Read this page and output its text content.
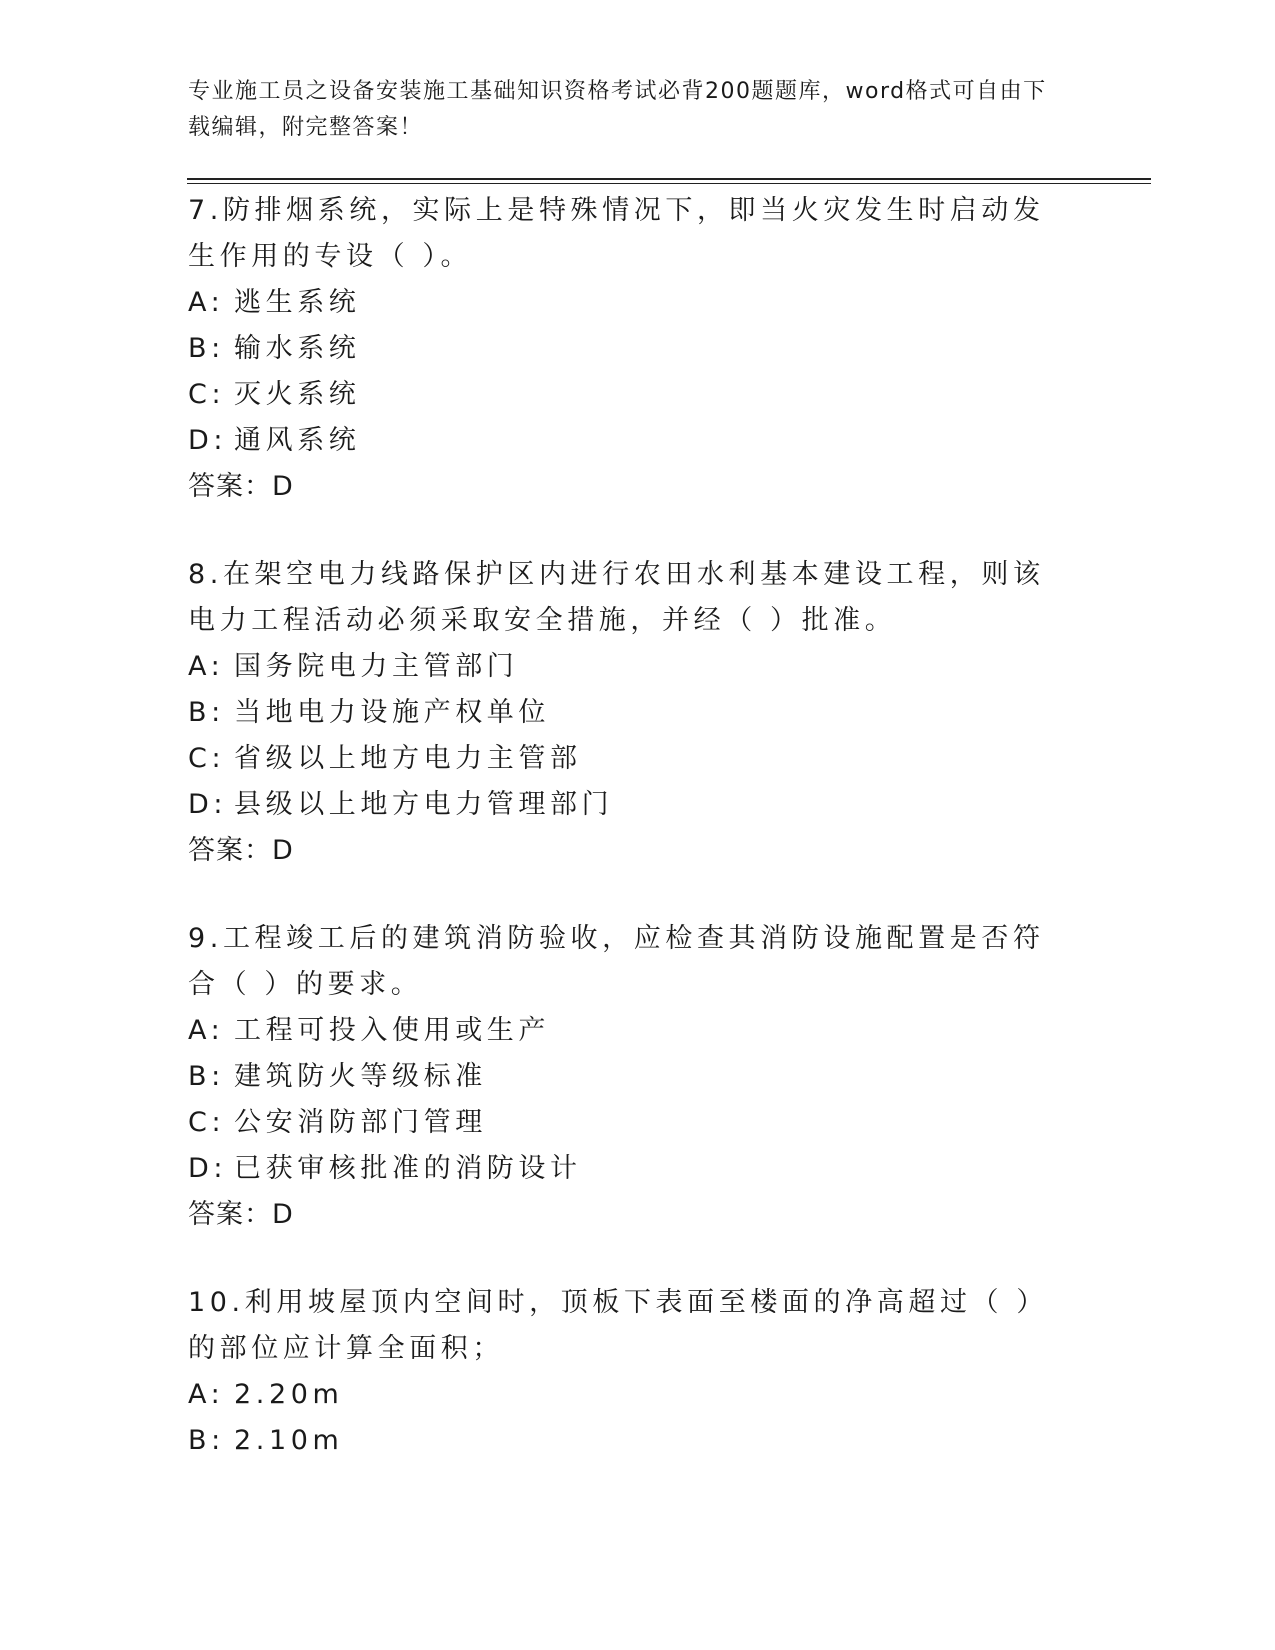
专业施工员之设备安装施工基础知识资格考试必背200题题库，word格式可自由下载编辑，附完整答案！
7.防排烟系统，实际上是特殊情况下，即当火灾发生时启动发生作用的专设（ ）。
A: 逃生系统
B: 输水系统
C: 灭火系统
D: 通风系统
答案：D
8.在架空电力线路保护区内进行农田水利基本建设工程，则该电力工程活动必须采取安全措施，并经（ ）批准。
A: 国务院电力主管部门
B: 当地电力设施产权单位
C: 省级以上地方电力主管部
D: 县级以上地方电力管理部门
答案：D
9.工程竣工后的建筑消防验收，应检查其消防设施配置是否符合（ ）的要求。
A: 工程可投入使用或生产
B: 建筑防火等级标准
C: 公安消防部门管理
D: 已获审核批准的消防设计
答案：D
10.利用坡屋顶内空间时，顶板下表面至楼面的净高超过（ ）的部位应计算全面积；
A: 2.20m
B: 2.10m
